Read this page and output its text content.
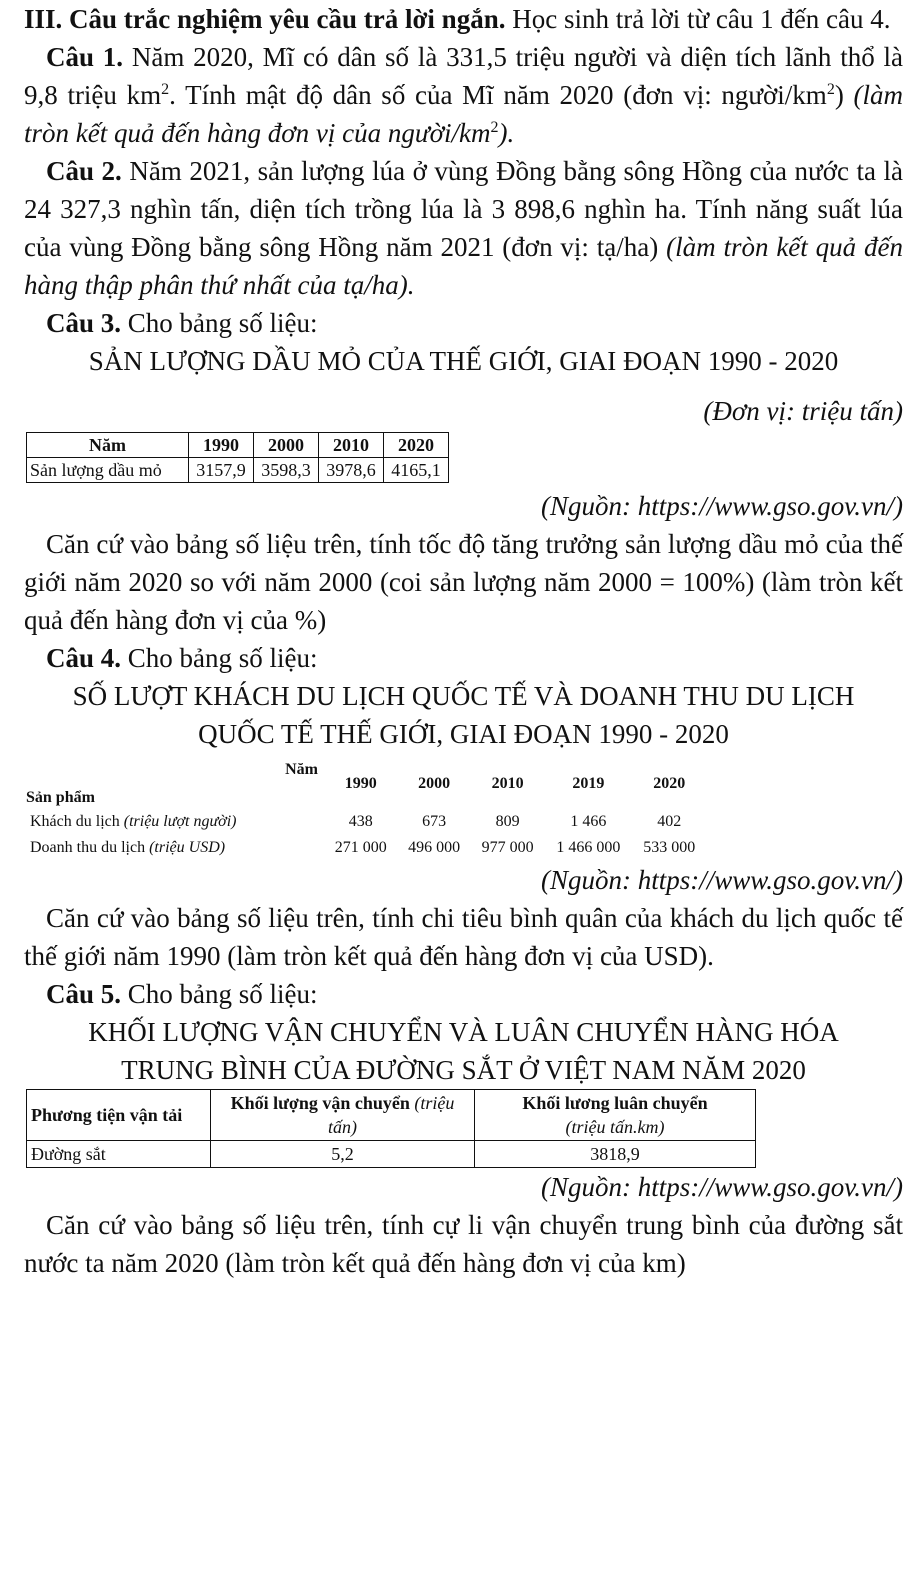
III. Câu trắc nghiệm yêu cầu trả lời ngắn. Học sinh trả lời từ câu 1 đến câu 4.

Câu 1. Năm 2020, Mĩ có dân số là 331,5 triệu người và diện tích lãnh thổ là 9,8 triệu $km^2$. Tính mật độ dân số của Mĩ năm 2020 (đơn vị: người/$km^2$) (làm tròn kết quả đến hàng đơn vị của người/$km^2$).

Câu 2. Năm 2021, sản lượng lúa ở vùng Đồng bằng sông Hồng của nước ta là 24 327,3 nghìn tấn, diện tích trồng lúa là 3 898,6 nghìn ha. Tính năng suất lúa của vùng Đồng bằng sông Hồng năm 2021 (đơn vị: tạ/ha) (làm tròn kết quả đến hàng thập phân thứ nhất của tạ/ha).

Câu 3. Cho bảng số liệu:

SẢN LƯỢNG DẦU MỎ CỦA THẾ GIỚI, GIAI ĐOẠN 1990 - 2020

(Đơn vị: triệu tấn)

Năm	1990	2000	2010	2020
Sản lượng dầu mỏ	3157,9	3598,3	3978,6	4165,1

(Nguồn: https://www.gso.gov.vn/)

Căn cứ vào bảng số liệu trên, tính tốc độ tăng trưởng sản lượng dầu mỏ của thế giới năm 2020 so với năm 2000 (coi sản lượng năm 2000 = 100%) (làm tròn kết quả đến hàng đơn vị của %)

Câu 4. Cho bảng số liệu:

SỐ LƯỢT KHÁCH DU LỊCH QUỐC TẾ VÀ DOANH THU DU LỊCH QUỐC TẾ THẾ GIỚI, GIAI ĐOẠN 1990 - 2020

Năm
Sản phẩm	1990	2000	2010	2019	2020
Khách du lịch (triệu lượt người)	438	673	809	1 466	402
Doanh thu du lịch (triệu USD)	271 000	496 000	977 000	1 466 000	533 000

(Nguồn: https://www.gso.gov.vn/)

Căn cứ vào bảng số liệu trên, tính chi tiêu bình quân của khách du lịch quốc tế thế giới năm 1990 (làm tròn kết quả đến hàng đơn vị của USD).

Câu 5. Cho bảng số liệu:

KHỐI LƯỢNG VẬN CHUYỂN VÀ LUÂN CHUYỂN HÀNG HÓA TRUNG BÌNH CỦA ĐƯỜNG SẮT Ở VIỆT NAM NĂM 2020

Phương tiện vận tải	Khối lượng vận chuyển (triệu tấn)	Khối lương luân chuyển
(triệu tấn.km)
Đường sắt	5,2	3818,9

(Nguồn: https://www.gso.gov.vn/)

Căn cứ vào bảng số liệu trên, tính cự li vận chuyển trung bình của đường sắt nước ta năm 2020 (làm tròn kết quả đến hàng đơn vị của km)
